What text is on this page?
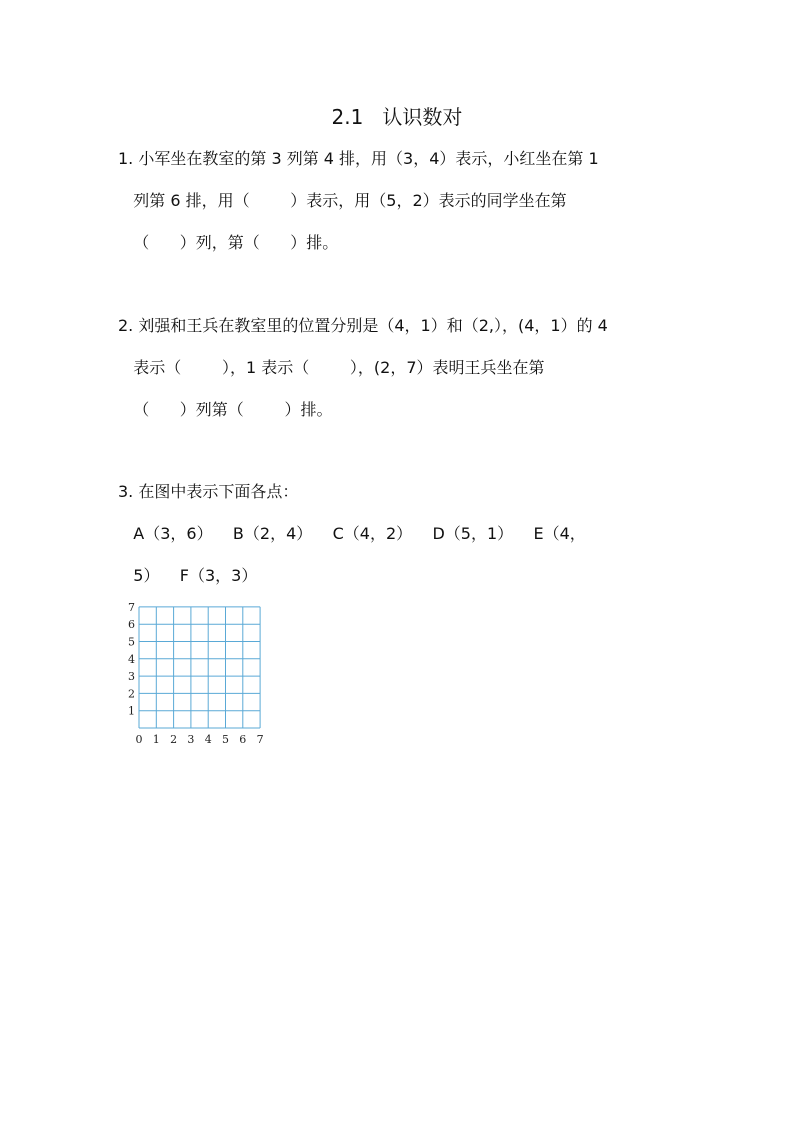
2.1   认识数对
1. 小军坐在教室的第 3 列第 4 排，用（3，4）表示，小红坐在第 1
列第 6 排，用（        ）表示，用（5，2）表示的同学坐在第
（      ）列，第（      ）排。
2. 刘强和王兵在教室里的位置分别是（4，1）和（2,），(4，1）的 4
表示（        ），1 表示（        ），(2，7）表明王兵坐在第
（      ）列第（        ）排。
3. 在图中表示下面各点：
A（3，6）    B（2，4）    C（4，2）    D（5，1）    E（4，
5）    F（3，3）
0 1 2 3 4 5 6 7
1
2
3
4
5
6
7
